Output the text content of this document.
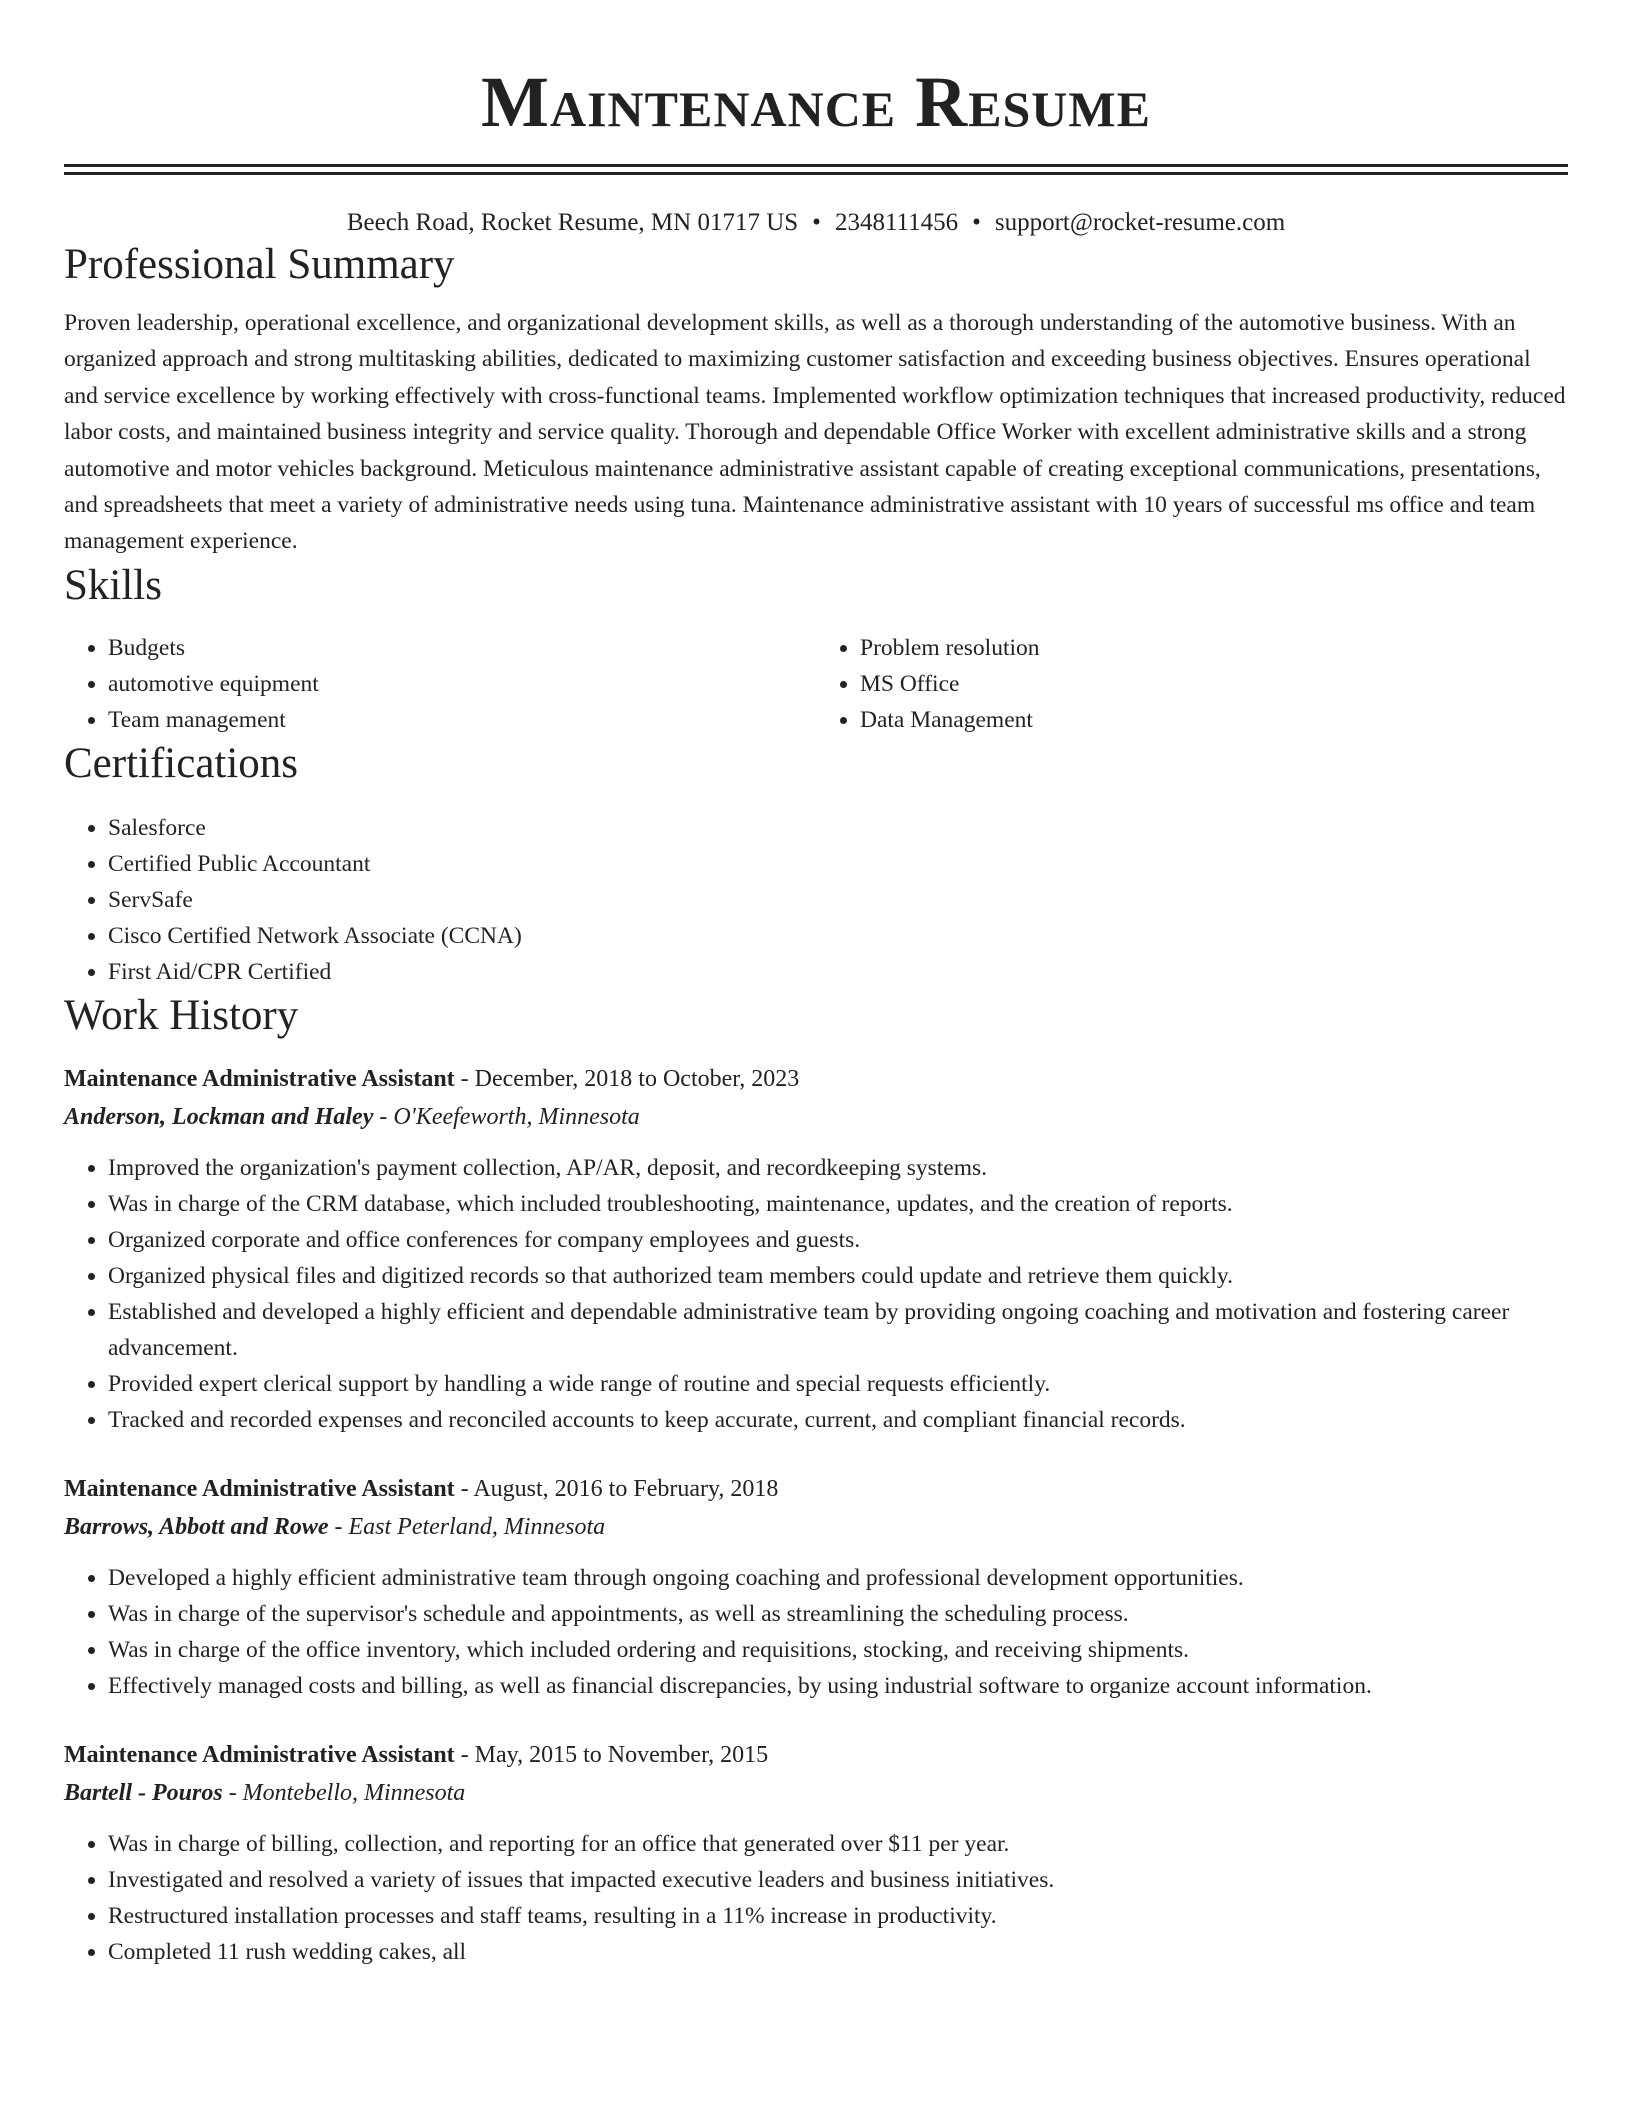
Maintenance Resume
Beech Road, Rocket Resume, MN 01717 US • 2348111456 • support@rocket-resume.com
Professional Summary
Proven leadership, operational excellence, and organizational development skills, as well as a thorough understanding of the automotive business. With an organized approach and strong multitasking abilities, dedicated to maximizing customer satisfaction and exceeding business objectives. Ensures operational and service excellence by working effectively with cross-functional teams. Implemented workflow optimization techniques that increased productivity, reduced labor costs, and maintained business integrity and service quality. Thorough and dependable Office Worker with excellent administrative skills and a strong automotive and motor vehicles background. Meticulous maintenance administrative assistant capable of creating exceptional communications, presentations, and spreadsheets that meet a variety of administrative needs using tuna. Maintenance administrative assistant with 10 years of successful ms office and team management experience.
Skills
• Budgets
• automotive equipment
• Team management
• Problem resolution
• MS Office
• Data Management
Certifications
• Salesforce
• Certified Public Accountant
• ServSafe
• Cisco Certified Network Associate (CCNA)
• First Aid/CPR Certified
Work History
Maintenance Administrative Assistant - December, 2018 to October, 2023
Anderson, Lockman and Haley - O'Keefeworth, Minnesota
• Improved the organization's payment collection, AP/AR, deposit, and recordkeeping systems.
• Was in charge of the CRM database, which included troubleshooting, maintenance, updates, and the creation of reports.
• Organized corporate and office conferences for company employees and guests.
• Organized physical files and digitized records so that authorized team members could update and retrieve them quickly.
• Established and developed a highly efficient and dependable administrative team by providing ongoing coaching and motivation and fostering career advancement.
• Provided expert clerical support by handling a wide range of routine and special requests efficiently.
• Tracked and recorded expenses and reconciled accounts to keep accurate, current, and compliant financial records.
Maintenance Administrative Assistant - August, 2016 to February, 2018
Barrows, Abbott and Rowe - East Peterland, Minnesota
• Developed a highly efficient administrative team through ongoing coaching and professional development opportunities.
• Was in charge of the supervisor's schedule and appointments, as well as streamlining the scheduling process.
• Was in charge of the office inventory, which included ordering and requisitions, stocking, and receiving shipments.
• Effectively managed costs and billing, as well as financial discrepancies, by using industrial software to organize account information.
Maintenance Administrative Assistant - May, 2015 to November, 2015
Bartell - Pouros - Montebello, Minnesota
• Was in charge of billing, collection, and reporting for an office that generated over $11 per year.
• Investigated and resolved a variety of issues that impacted executive leaders and business initiatives.
• Restructured installation processes and staff teams, resulting in a 11% increase in productivity.
• Completed 11 rush wedding cakes, all
